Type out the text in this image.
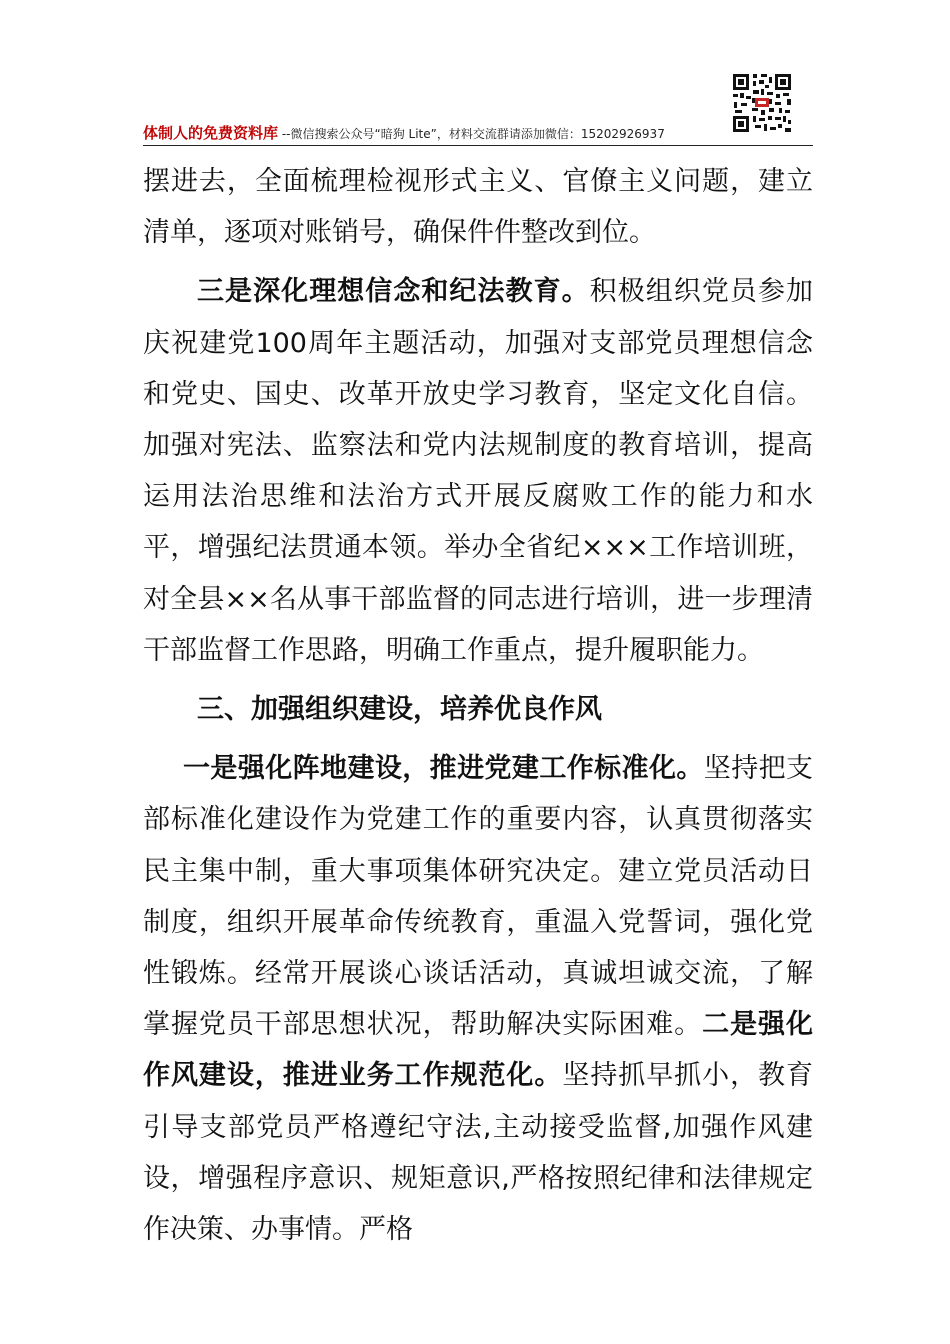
体制人的免费资料库 --微信搜索公众号“暗狗 Lite”，材料交流群请添加微信：15202926937

摆进去，全面梳理检视形式主义、官僚主义问题，建立清单，逐项对账销号，确保件件整改到位。

三是深化理想信念和纪法教育。积极组织党员参加庆祝建党100周年主题活动，加强对支部党员理想信念和党史、国史、改革开放史学习教育，坚定文化自信。加强对宪法、监察法和党内法规制度的教育培训，提高运用法治思维和法治方式开展反腐败工作的能力和水平，增强纪法贯通本领。举办全省纪×××工作培训班，对全县××名从事干部监督的同志进行培训，进一步理清干部监督工作思路，明确工作重点，提升履职能力。

三、加强组织建设，培养优良作风

一是强化阵地建设，推进党建工作标准化。坚持把支部标准化建设作为党建工作的重要内容，认真贯彻落实民主集中制，重大事项集体研究决定。建立党员活动日制度，组织开展革命传统教育，重温入党誓词，强化党性锻炼。经常开展谈心谈话活动，真诚坦诚交流，了解掌握党员干部思想状况，帮助解决实际困难。二是强化作风建设，推进业务工作规范化。坚持抓早抓小，教育引导支部党员严格遵纪守法,主动接受监督,加强作风建设，增强程序意识、规矩意识,严格按照纪律和法律规定作决策、办事情。严格
